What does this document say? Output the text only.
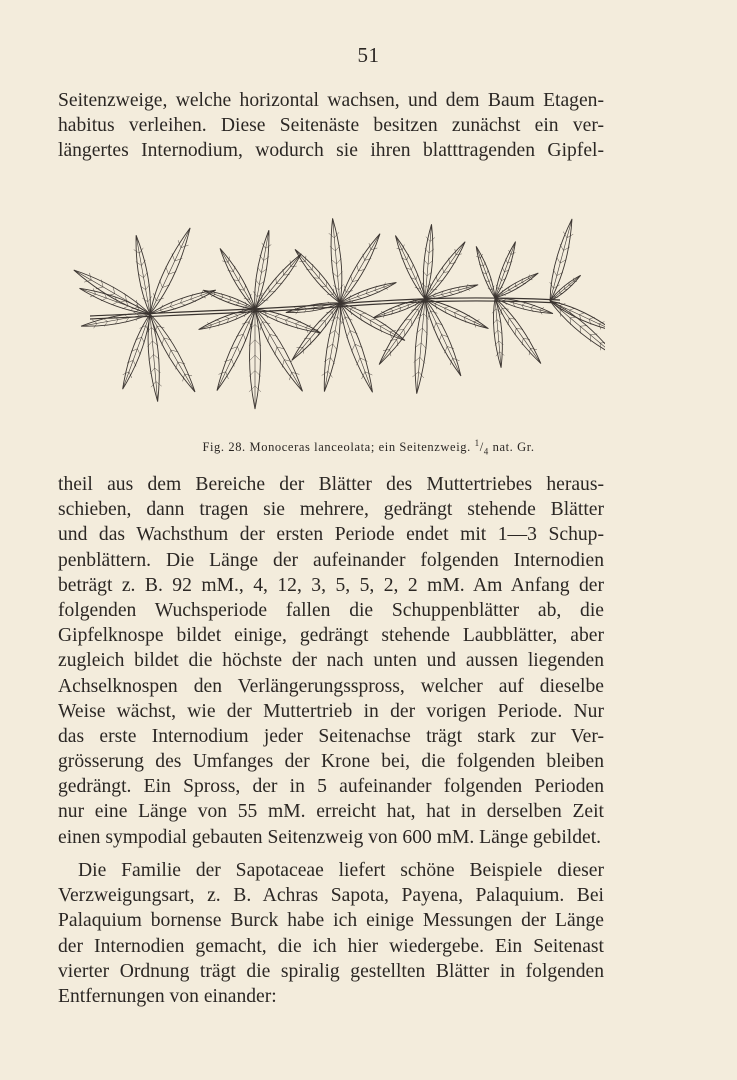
51
Seitenzweige, welche horizontal wachsen, und dem Baum Etagen-
habitus verleihen. Diese Seitenäste besitzen zunächst ein ver-
längertes Internodium, wodurch sie ihren blatttragenden Gipfel-
Fig. 28. Monoceras lanceolata; ein Seitenzweig. $^1/_4$ nat. Gr.
theil aus dem Bereiche der Blätter des Muttertriebes heraus-
schieben, dann tragen sie mehrere, gedrängt stehende Blätter
und das Wachsthum der ersten Periode endet mit 1—3 Schup-
penblättern. Die Länge der aufeinander folgenden Internodien
beträgt z. B. 92 mM., 4, 12, 3, 5, 5, 2, 2 mM. Am Anfang der
folgenden Wuchsperiode fallen die Schuppenblätter ab, die
Gipfelknospe bildet einige, gedrängt stehende Laubblätter, aber
zugleich bildet die höchste der nach unten und aussen liegenden
Achselknospen den Verlängerungsspross, welcher auf dieselbe
Weise wächst, wie der Muttertrieb in der vorigen Periode. Nur
das erste Internodium jeder Seitenachse trägt stark zur Ver-
grösserung des Umfanges der Krone bei, die folgenden bleiben
gedrängt. Ein Spross, der in 5 aufeinander folgenden Perioden
nur eine Länge von 55 mM. erreicht hat, hat in derselben Zeit
einen sympodial gebauten Seitenzweig von 600 mM. Länge gebildet.
Die Familie der Sapotaceae liefert schöne Beispiele dieser
Verzweigungsart, z. B. Achras Sapota, Payena, Palaquium. Bei
Palaquium bornense Burck habe ich einige Messungen der Länge
der Internodien gemacht, die ich hier wiedergebe. Ein Seitenast
vierter Ordnung trägt die spiralig gestellten Blätter in folgenden
Entfernungen von einander:
